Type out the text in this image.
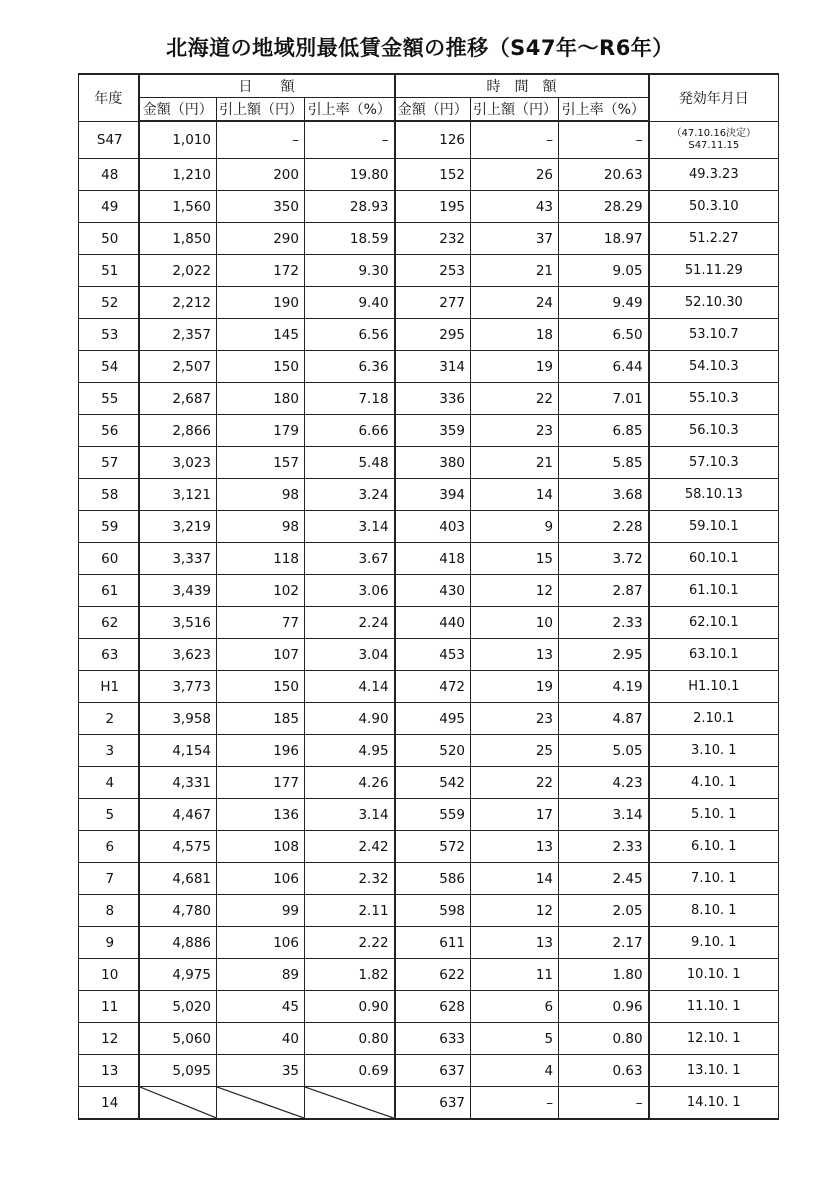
北海道の地域別最低賃金額の推移（S47年～R6年）
年度	日　　額			時　間　額			発効年月日
	金額（円）	引上額（円）	引上率（%）	金額（円）	引上額（円）	引上率（%）	
S47	1,010	–	–	126	–	–	（47.10.16決定）
S47.11.15

48	1,210	200	19.80	152	26	20.63	49.3.23
49	1,560	350	28.93	195	43	28.29	50.3.10
50	1,850	290	18.59	232	37	18.97	51.2.27
51	2,022	172	9.30	253	21	9.05	51.11.29
52	2,212	190	9.40	277	24	9.49	52.10.30
53	2,357	145	6.56	295	18	6.50	53.10.7
54	2,507	150	6.36	314	19	6.44	54.10.3
55	2,687	180	7.18	336	22	7.01	55.10.3
56	2,866	179	6.66	359	23	6.85	56.10.3
57	3,023	157	5.48	380	21	5.85	57.10.3
58	3,121	98	3.24	394	14	3.68	58.10.13
59	3,219	98	3.14	403	9	2.28	59.10.1
60	3,337	118	3.67	418	15	3.72	60.10.1
61	3,439	102	3.06	430	12	2.87	61.10.1
62	3,516	77	2.24	440	10	2.33	62.10.1
63	3,623	107	3.04	453	13	2.95	63.10.1
H1	3,773	150	4.14	472	19	4.19	H1.10.1
2	3,958	185	4.90	495	23	4.87	2.10.1
3	4,154	196	4.95	520	25	5.05	3.10. 1
4	4,331	177	4.26	542	22	4.23	4.10. 1
5	4,467	136	3.14	559	17	3.14	5.10. 1
6	4,575	108	2.42	572	13	2.33	6.10. 1
7	4,681	106	2.32	586	14	2.45	7.10. 1
8	4,780	99	2.11	598	12	2.05	8.10. 1
9	4,886	106	2.22	611	13	2.17	9.10. 1
10	4,975	89	1.82	622	11	1.80	10.10. 1
11	5,020	45	0.90	628	6	0.96	11.10. 1
12	5,060	40	0.80	633	5	0.80	12.10. 1
13	5,095	35	0.69	637	4	0.63	13.10. 1
14				637	–	–	14.10. 1
